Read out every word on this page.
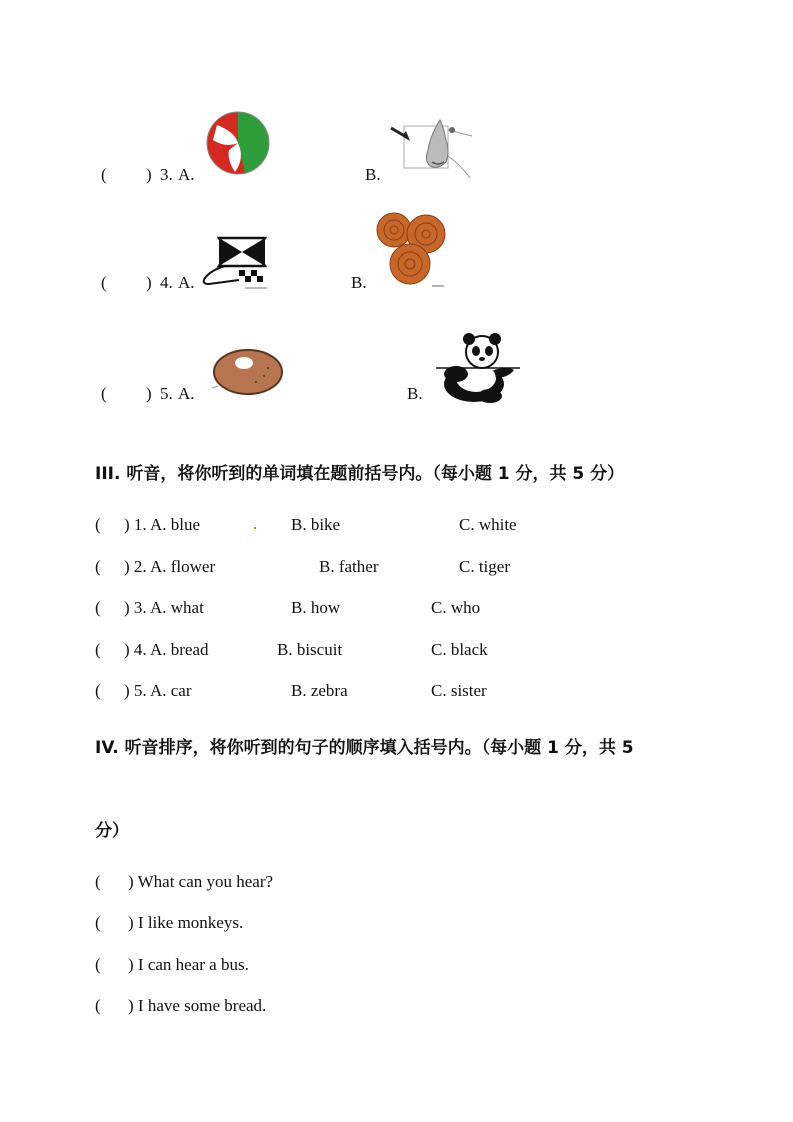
( ) 3. A.	B.
( ) 4. A.	B.
( ) 5. A.	B.
III. 听音，将你听到的单词填在题前括号内。（每小题 1 分，共 5 分）
( ) 1. A. blue	B. bike	C. white
( ) 2. A. flower	B. father	C. tiger
( ) 3. A. what	B. how	C. who
( ) 4. A. bread	B. biscuit	C. black
( ) 5. A. car	B. zebra	C. sister
IV. 听音排序，将你听到的句子的顺序填入括号内。（每小题 1 分，共 5
分）
( ) What can you hear?
( ) I like monkeys.
( ) I can hear a bus.
( ) I have some bread.
